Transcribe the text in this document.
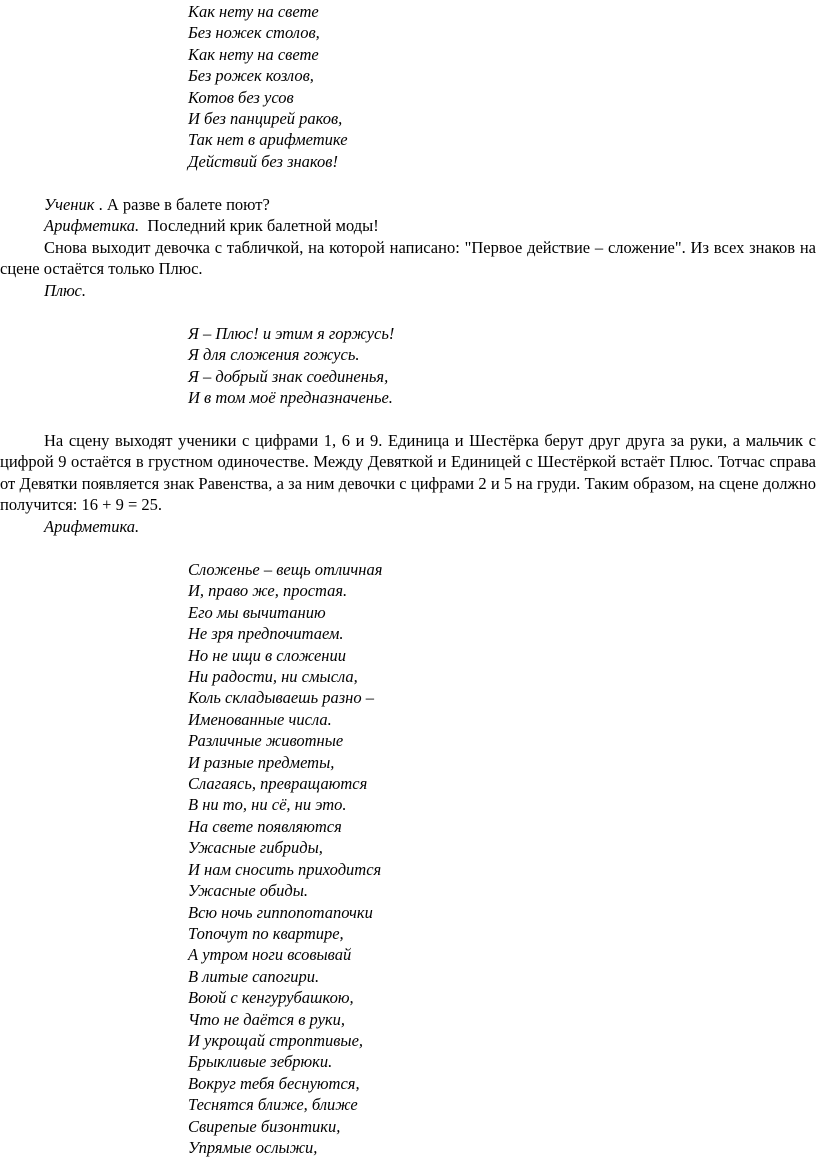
Как нету на свете
Без ножек столов,
Как нету на свете
Без рожек козлов,
Котов без усов
И без панцирей раков,
Так нет в арифметике
Действий без знаков!
Ученик . А разве в балете поют?
Арифметика.  Последний крик балетной моды!
Снова выходит девочка с табличкой, на которой написано: "Первое действие – сложение". Из всех знаков на сцене остаётся только Плюс.
Плюс.
Я – Плюс! и этим я горжусь!
Я для сложения гожусь.
Я – добрый знак соединенья,
И в том моё предназначенье.
На сцену выходят ученики с цифрами 1, 6 и 9. Единица и Шестёрка берут друг друга за руки, а мальчик с цифрой 9 остаётся в грустном одиночестве. Между Девяткой и Единицей с Шестёркой встаёт Плюс. Тотчас справа от Девятки появляется знак Равенства, а за ним девочки с цифрами 2 и 5 на груди. Таким образом, на сцене должно получится: 16 + 9 = 25.
Арифметика.
Сложенье – вещь отличная
И, право же, простая.
Его мы вычитанию
Не зря предпочитаем.
Но не ищи в сложении
Ни радости, ни смысла,
Коль складываешь разно –
Именованные числа.
Различные животные
И разные предметы,
Слагаясь, превращаются
В ни то, ни сё, ни это.
На свете появляются
Ужасные гибриды,
И нам сносить приходится
Ужасные обиды.
Всю ночь гиппопотапочки
Топочут по квартире,
А утром ноги всовывай
В литые сапогири.
Воюй с кенгурубашкою,
Что не даётся в руки,
И укрощай строптивые,
Брыкливые зебрюки.
Вокруг тебя беснуются,
Теснятся ближе, ближе
Свирепые бизонтики,
Упрямые ослыжи,
